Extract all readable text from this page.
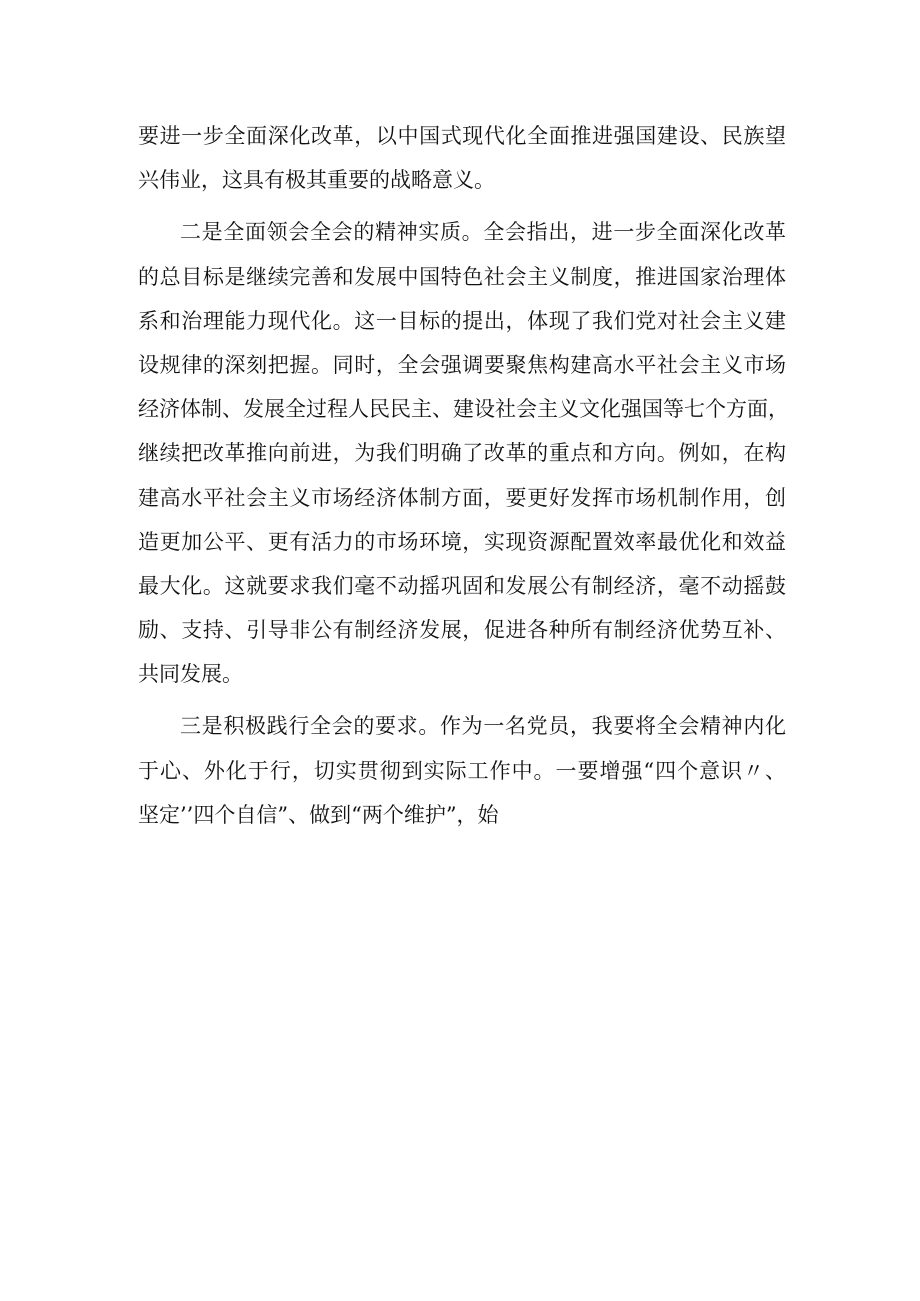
要进一步全面深化改革，以中国式现代化全面推进强国建设、民族望
兴伟业，这具有极其重要的战略意义。
二是全面领会全会的精神实质。全会指出，进一步全面深化改革
的总目标是继续完善和发展中国特色社会主义制度，推进国家治理体
系和治理能力现代化。这一目标的提出，体现了我们党对社会主义建
设规律的深刻把握。同时，全会强调要聚焦构建高水平社会主义市场
经济体制、发展全过程人民民主、建设社会主义文化强国等七个方面，
继续把改革推向前进，为我们明确了改革的重点和方向。例如，在构
建高水平社会主义市场经济体制方面，要更好发挥市场机制作用，创
造更加公平、更有活力的市场环境，实现资源配置效率最优化和效益
最大化。这就要求我们毫不动摇巩固和发展公有制经济，毫不动摇鼓
励、支持、引导非公有制经济发展，促进各种所有制经济优势互补、
共同发展。
三是积极践行全会的要求。作为一名党员，我要将全会精神内化
于心、外化于行，切实贯彻到实际工作中。一要增强“四个意识〃、
坚定’’四个自信”、做到“两个维护”，始
